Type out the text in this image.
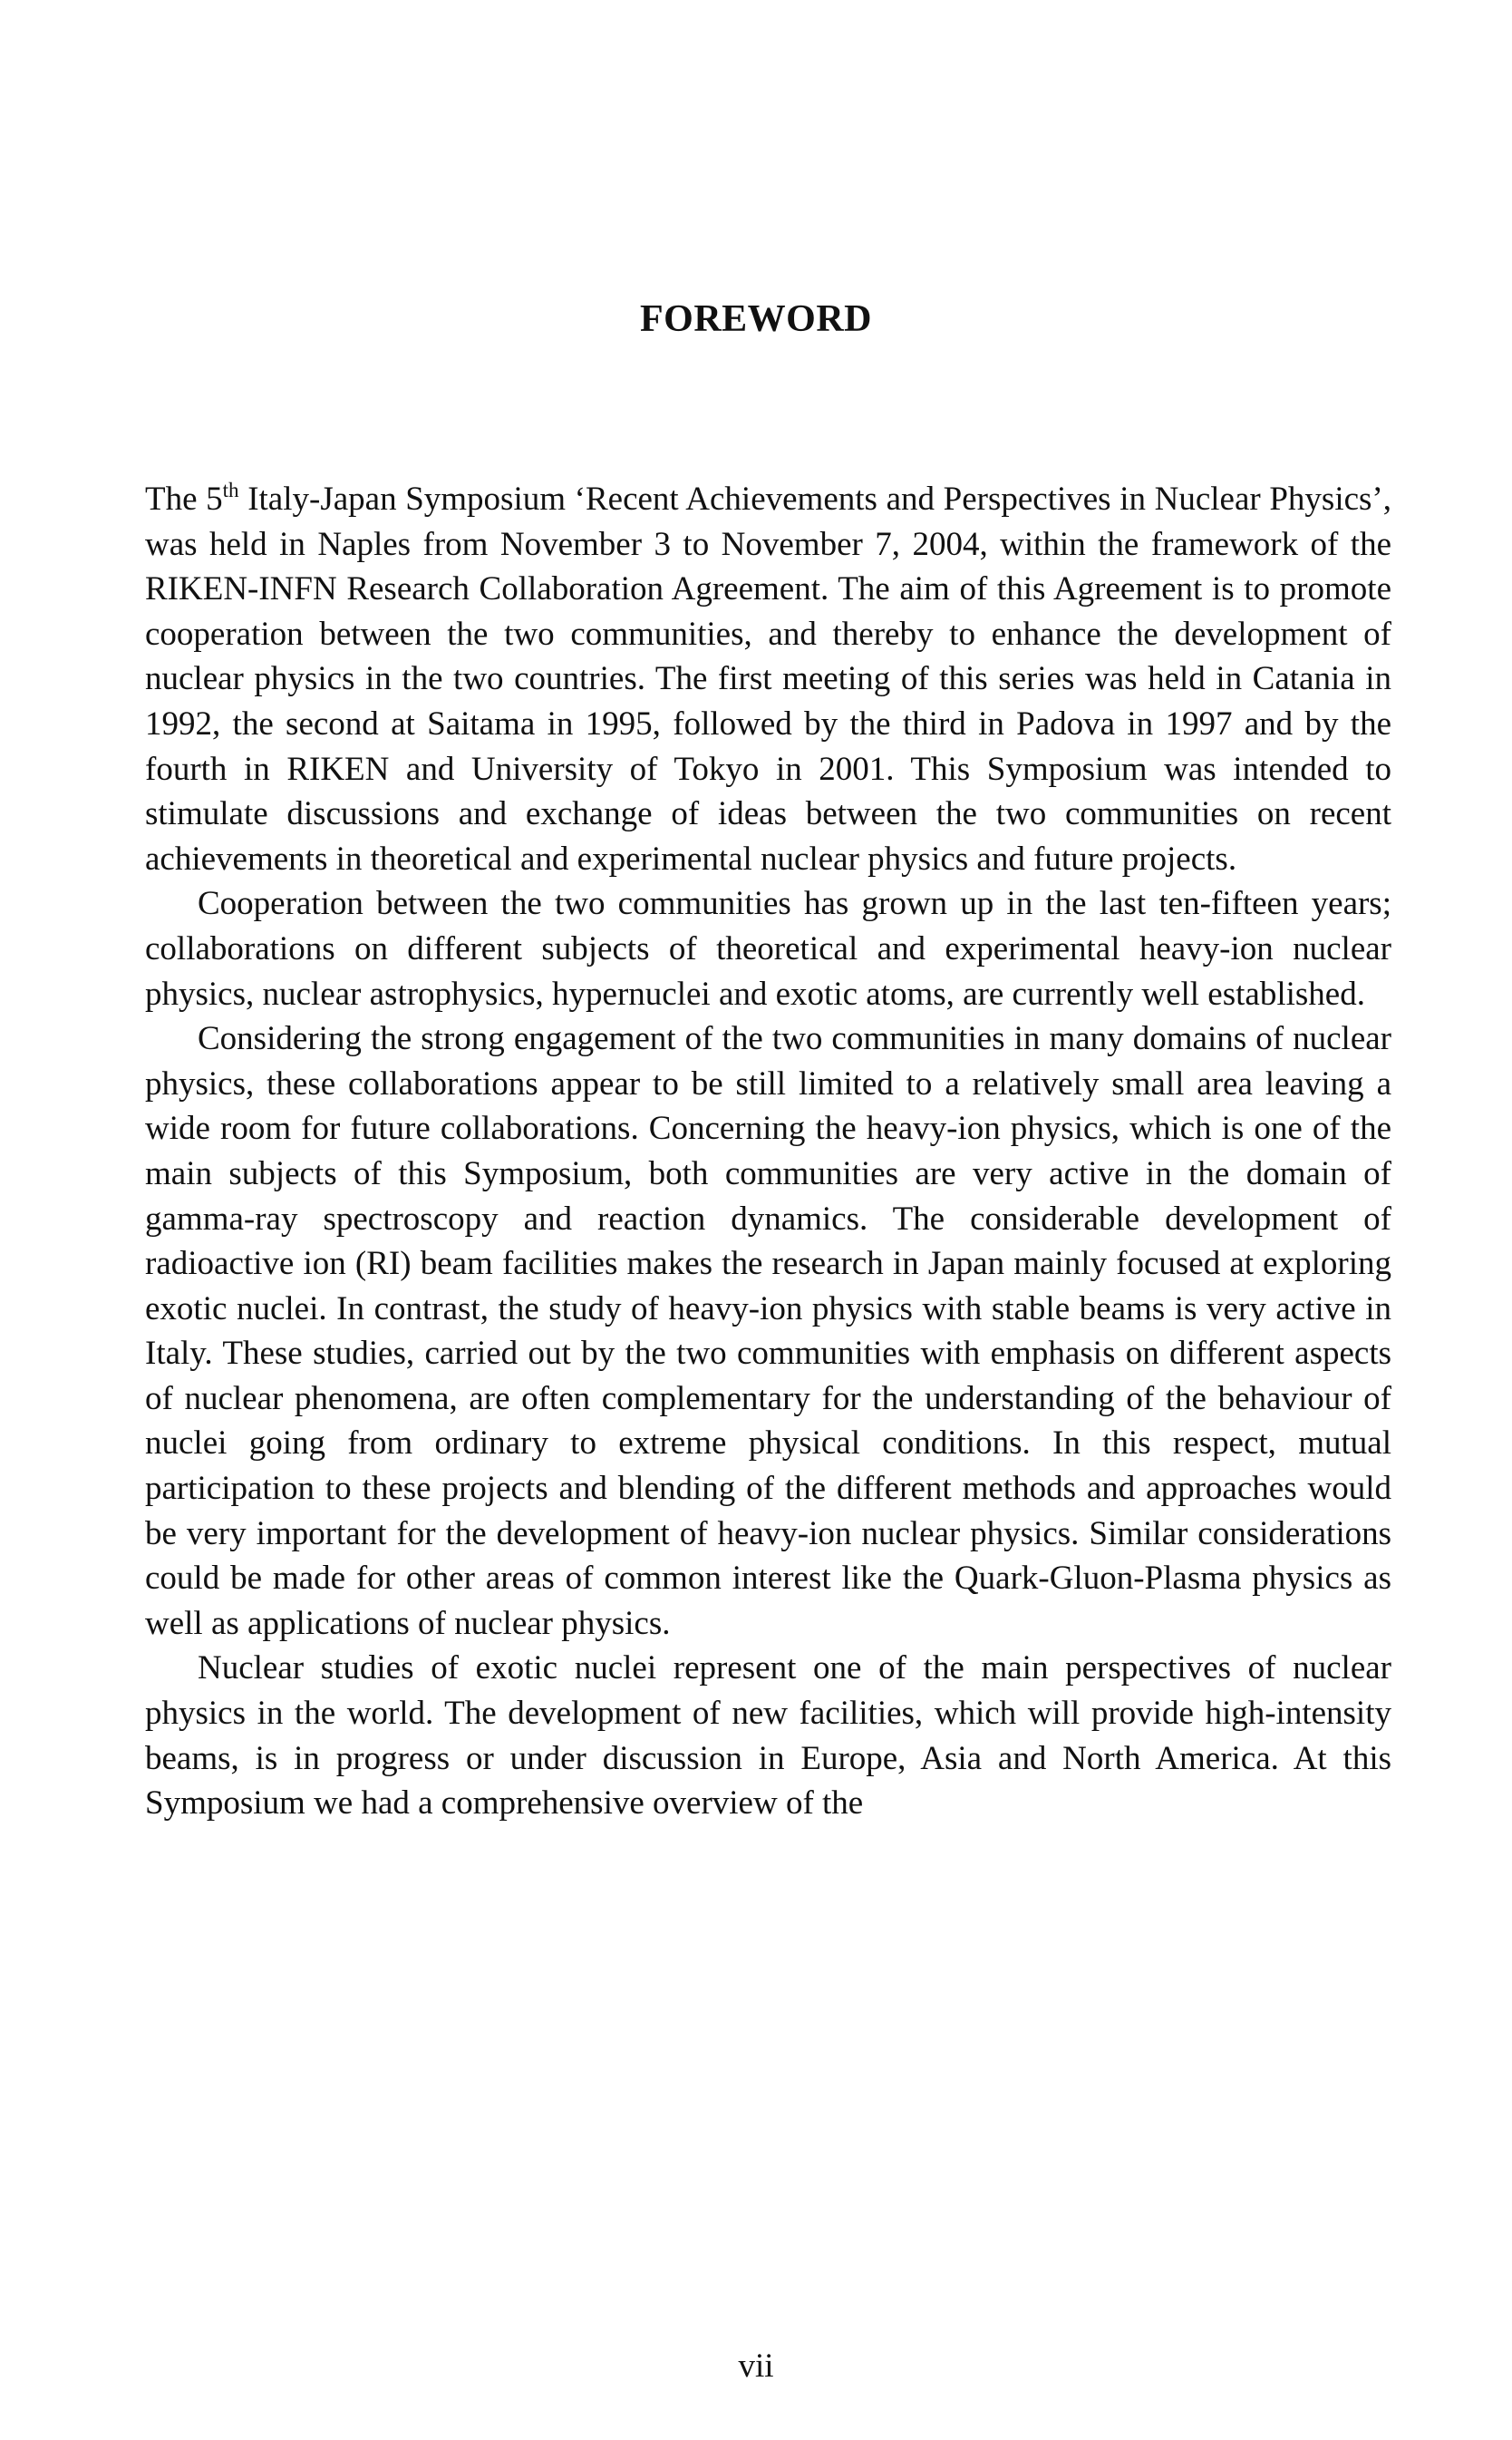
FOREWORD

The 5th Italy-Japan Symposium ‘Recent Achievements and Perspectives in Nuclear Physics’, was held in Naples from November 3 to November 7, 2004, within the framework of the RIKEN-INFN Research Collaboration Agreement. The aim of this Agreement is to promote cooperation between the two communities, and thereby to enhance the development of nuclear physics in the two countries. The first meeting of this series was held in Catania in 1992, the second at Saitama in 1995, followed by the third in Padova in 1997 and by the fourth in RIKEN and University of Tokyo in 2001. This Symposium was intended to stimulate discussions and exchange of ideas between the two communities on recent achievements in theoretical and experimental nuclear physics and future projects.

Cooperation between the two communities has grown up in the last ten-fifteen years; collaborations on different subjects of theoretical and experimental heavy-ion nuclear physics, nuclear astrophysics, hypernuclei and exotic atoms, are currently well established.

Considering the strong engagement of the two communities in many domains of nuclear physics, these collaborations appear to be still limited to a relatively small area leaving a wide room for future collaborations. Concerning the heavy-ion physics, which is one of the main subjects of this Symposium, both communities are very active in the domain of gamma-ray spectroscopy and reaction dynamics. The considerable development of radioactive ion (RI) beam facilities makes the research in Japan mainly focused at exploring exotic nuclei. In contrast, the study of heavy-ion physics with stable beams is very active in Italy. These studies, carried out by the two communities with emphasis on different aspects of nuclear phenomena, are often complementary for the understanding of the behaviour of nuclei going from ordinary to extreme physical conditions. In this respect, mutual participation to these projects and blending of the different methods and approaches would be very important for the development of heavy-ion nuclear physics. Similar considerations could be made for other areas of common interest like the Quark-Gluon-Plasma physics as well as applications of nuclear physics.

Nuclear studies of exotic nuclei represent one of the main perspectives of nuclear physics in the world. The development of new facilities, which will provide high-intensity beams, is in progress or under discussion in Europe, Asia and North America. At this Symposium we had a comprehensive overview of the

vii
